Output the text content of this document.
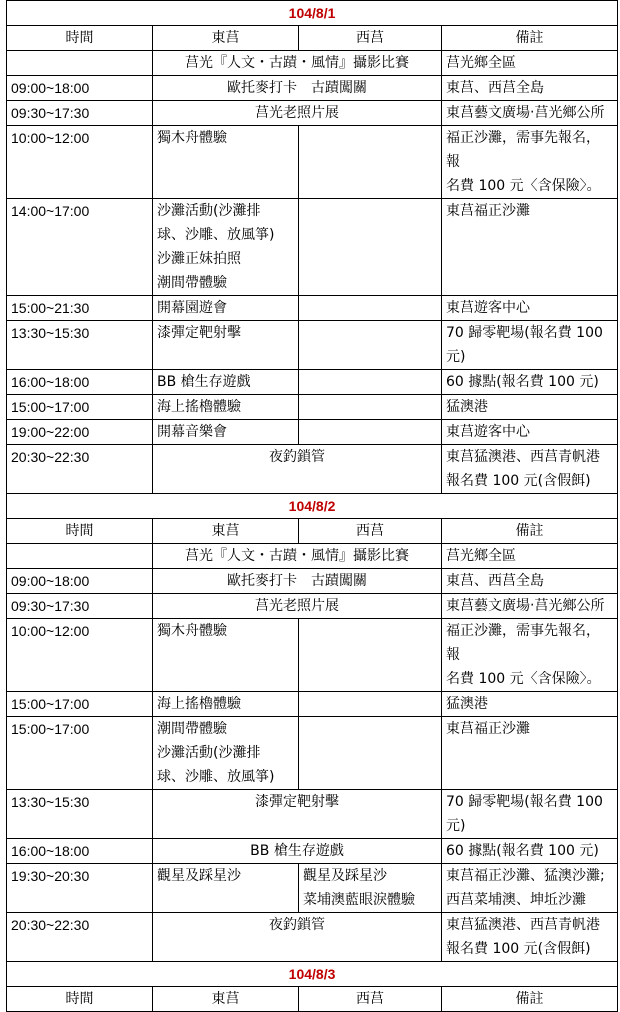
104/8/1			
時間	東莒	西莒	備註

	莒光『人文・古蹟・風情』攝影比賽		莒光鄉全區

09:00~18:00	歐托麥打卡　古蹟闖關		東莒、西莒全島

09:30~17:30	莒光老照片展		東莒藝文廣場‧莒光鄉公所

10:00~12:00	獨木舟體驗		福正沙灘，需事先報名，報
名費 100 元〈含保險〉。

14:00~17:00	沙灘活動(沙灘排
球、沙雕、放風箏)
沙灘正妹拍照
潮間帶體驗		東莒福正沙灘

15:00~21:30	開幕園遊會		東莒遊客中心

13:30~15:30	漆彈定靶射擊		70 歸零靶場(報名費 100 元)

16:00~18:00	BB 槍生存遊戲		60 據點(報名費 100 元)

15:00~17:00	海上搖櫓體驗		猛澳港

19:00~22:00	開幕音樂會		東莒遊客中心

20:30~22:30	夜釣鎖管		東莒猛澳港、西莒青帆港
報名費 100 元(含假餌)

104/8/2			
時間	東莒	西莒	備註

	莒光『人文・古蹟・風情』攝影比賽		莒光鄉全區

09:00~18:00	歐托麥打卡　古蹟闖關		東莒、西莒全島

09:30~17:30	莒光老照片展		東莒藝文廣場‧莒光鄉公所

10:00~12:00	獨木舟體驗		福正沙灘，需事先報名，報
名費 100 元〈含保險〉。

15:00~17:00	海上搖櫓體驗		猛澳港

15:00~17:00	潮間帶體驗
沙灘活動(沙灘排
球、沙雕、放風箏)		東莒福正沙灘

13:30~15:30	漆彈定靶射擊		70 歸零靶場(報名費 100 元)

16:00~18:00	BB 槍生存遊戲		60 據點(報名費 100 元)

19:30~20:30	觀星及踩星沙	觀星及踩星沙
菜埔澳藍眼淚體驗	東莒福正沙灘、猛澳沙灘;
西莒菜埔澳、坤坵沙灘

20:30~22:30	夜釣鎖管		東莒猛澳港、西莒青帆港
報名費 100 元(含假餌)

104/8/3			
時間	東莒	西莒	備註
